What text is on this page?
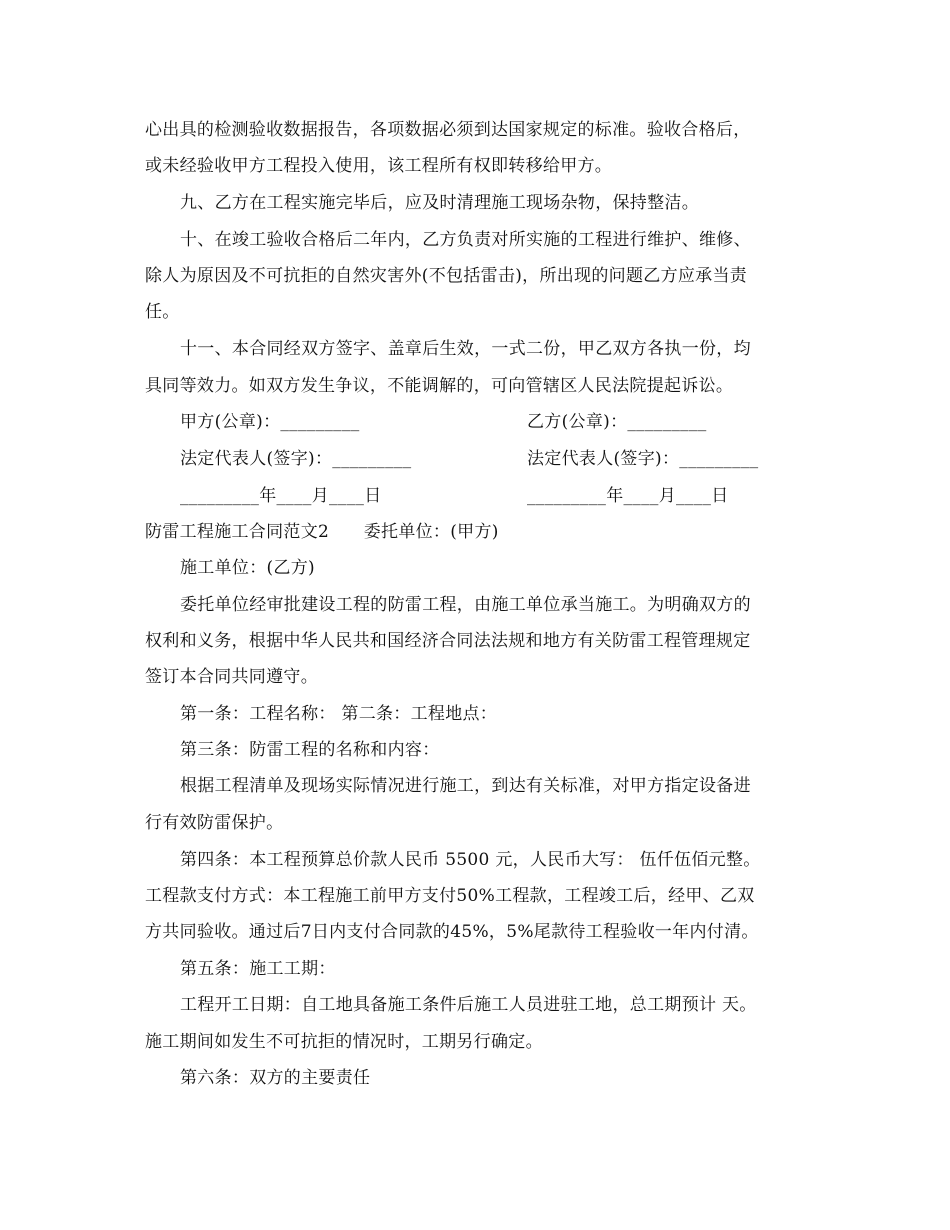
心出具的检测验收数据报告，各项数据必须到达国家规定的标准。验收合格后，
或未经验收甲方工程投入使用，该工程所有权即转移给甲方。
九、乙方在工程实施完毕后，应及时清理施工现场杂物，保持整洁。
十、在竣工验收合格后二年内，乙方负责对所实施的工程进行维护、维修、
除人为原因及不可抗拒的自然灾害外(不包括雷击)，所出现的问题乙方应承当责
任。
十一、本合同经双方签字、盖章后生效，一式二份，甲乙双方各执一份，均
具同等效力。如双方发生争议，不能调解的，可向管辖区人民法院提起诉讼。
甲方(公章)：_________	乙方(公章)：_________
法定代表人(签字)：_________	法定代表人(签字)：_________
_________年____月____日	_________年____月____日
防雷工程施工合同范文2　　委托单位：(甲方)
施工单位：(乙方)
委托单位经审批建设工程的防雷工程，由施工单位承当施工。为明确双方的
权利和义务，根据中华人民共和国经济合同法法规和地方有关防雷工程管理规定
签订本合同共同遵守。
第一条：工程名称： 第二条：工程地点：
第三条：防雷工程的名称和内容：
根据工程清单及现场实际情况进行施工，到达有关标准，对甲方指定设备进
行有效防雷保护。
第四条：本工程预算总价款人民币 5500 元，人民币大写： 伍仟伍佰元整。
工程款支付方式：本工程施工前甲方支付50%工程款，工程竣工后，经甲、乙双
方共同验收。通过后7日内支付合同款的45%，5%尾款待工程验收一年内付清。
第五条：施工工期：
工程开工日期：自工地具备施工条件后施工人员进驻工地，总工期预计 天。
施工期间如发生不可抗拒的情况时，工期另行确定。
第六条：双方的主要责任
